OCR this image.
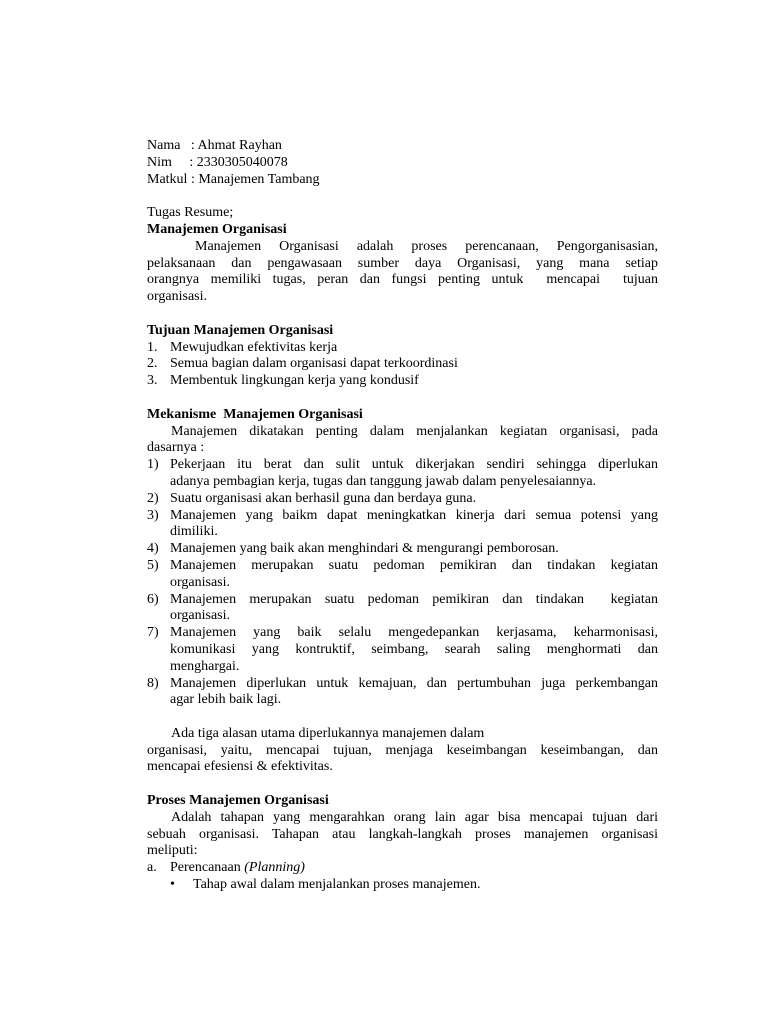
Nama   : Ahmat Rayhan
Nim     : 2330305040078
Matkul : Manajemen Tambang
Tugas Resume;
Manajemen Organisasi
Manajemen Organisasi adalah proses perencanaan, Pengorganisasian,
pelaksanaan dan pengawasaan sumber daya Organisasi, yang mana setiap
orangnya memiliki tugas, peran dan fungsi penting untuk  mencapai  tujuan
organisasi.
Tujuan Manajemen Organisasi
1. Mewujudkan efektivitas kerja
2. Semua bagian dalam organisasi dapat terkoordinasi
3. Membentuk lingkungan kerja yang kondusif
Mekanisme  Manajemen Organisasi
Manajemen dikatakan penting dalam menjalankan kegiatan organisasi, pada
dasarnya :
1) Pekerjaan itu berat dan sulit untuk dikerjakan sendiri sehingga diperlukan
adanya pembagian kerja, tugas dan tanggung jawab dalam penyelesaiannya.
2) Suatu organisasi akan berhasil guna dan berdaya guna.
3) Manajemen yang baikm dapat meningkatkan kinerja dari semua potensi yang
dimiliki.
4) Manajemen yang baik akan menghindari & mengurangi pemborosan.
5) Manajemen merupakan suatu pedoman pemikiran dan tindakan kegiatan
organisasi.
6) Manajemen merupakan suatu pedoman pemikiran dan tindakan  kegiatan
organisasi.
7) Manajemen yang baik selalu mengedepankan kerjasama, keharmonisasi,
komunikasi yang kontruktif, seimbang, searah saling menghormati dan
menghargai.
8) Manajemen diperlukan untuk kemajuan, dan pertumbuhan juga perkembangan
agar lebih baik lagi.
Ada tiga alasan utama diperlukannya manajemen dalam
organisasi, yaitu, mencapai tujuan, menjaga keseimbangan keseimbangan, dan
mencapai efesiensi & efektivitas.
Proses Manajemen Organisasi
Adalah tahapan yang mengarahkan orang lain agar bisa mencapai tujuan dari
sebuah organisasi. Tahapan atau langkah-langkah proses manajemen organisasi
meliputi:
a. Perencanaan (Planning)
•	Tahap awal dalam menjalankan proses manajemen.
